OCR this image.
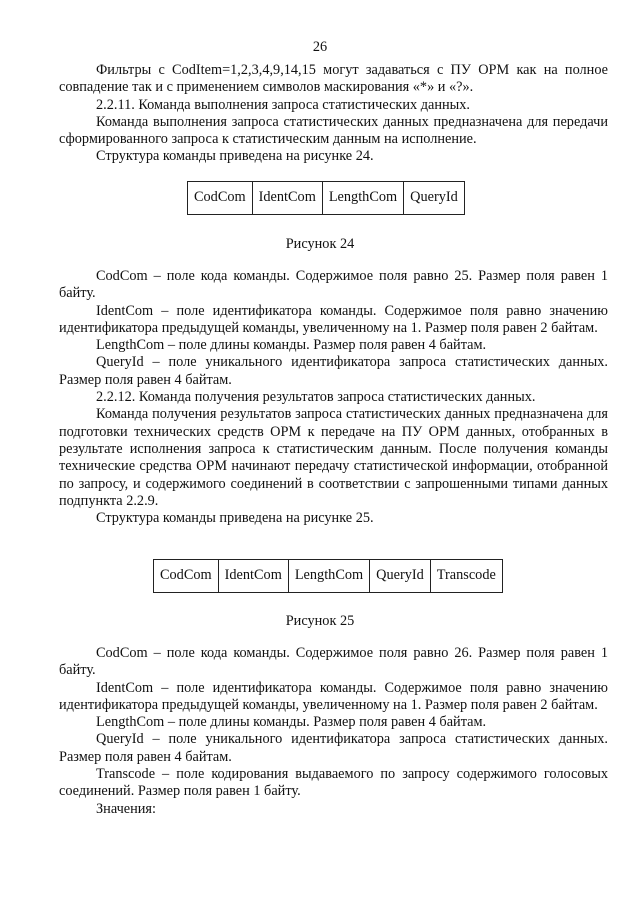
26

Фильтры с CodItem=1,2,3,4,9,14,15 могут задаваться с ПУ ОРМ как на полное совпадение так и с применением символов маскирования «*» и «?».

2.2.11. Команда выполнения запроса статистических данных.

Команда выполнения запроса статистических данных предназначена для передачи сформированного запроса к статистическим данным на исполнение.

Структура команды приведена на рисунке 24.

CodCom	IdentCom	LengthCom	QueryId
Рисунок 24

CodCom – поле кода команды. Содержимое поля равно 25. Размер поля равен 1 байту.

IdentCom – поле идентификатора команды. Содержимое поля равно значению идентификатора предыдущей команды, увеличенному на 1. Размер поля равен 2 байтам.

LengthCom – поле длины команды. Размер поля равен 4 байтам.

QueryId – поле уникального идентификатора запроса статистических данных. Размер поля равен 4 байтам.

2.2.12. Команда получения результатов запроса статистических данных.

Команда получения результатов запроса статистических данных предназначена для подготовки технических средств ОРМ к передаче на ПУ ОРМ данных, отобранных в результате исполнения запроса к статистическим данным. После получения команды технические средства ОРМ начинают передачу статистической информации, отобранной по запросу, и содержимого соединений в соответствии с запрошенными типами данных подпункта 2.2.9.

Структура команды приведена на рисунке 25.

CodCom	IdentCom	LengthCom	QueryId	Transcode
Рисунок 25

CodCom – поле кода команды. Содержимое поля равно 26. Размер поля равен 1 байту.

IdentCom – поле идентификатора команды. Содержимое поля равно значению идентификатора предыдущей команды, увеличенному на 1. Размер поля равен 2 байтам.

LengthCom – поле длины команды. Размер поля равен 4 байтам.

QueryId – поле уникального идентификатора запроса статистических данных. Размер поля равен 4 байтам.

Transcode – поле кодирования выдаваемого по запросу содержимого голосовых соединений. Размер поля равен 1 байту.

Значения:
